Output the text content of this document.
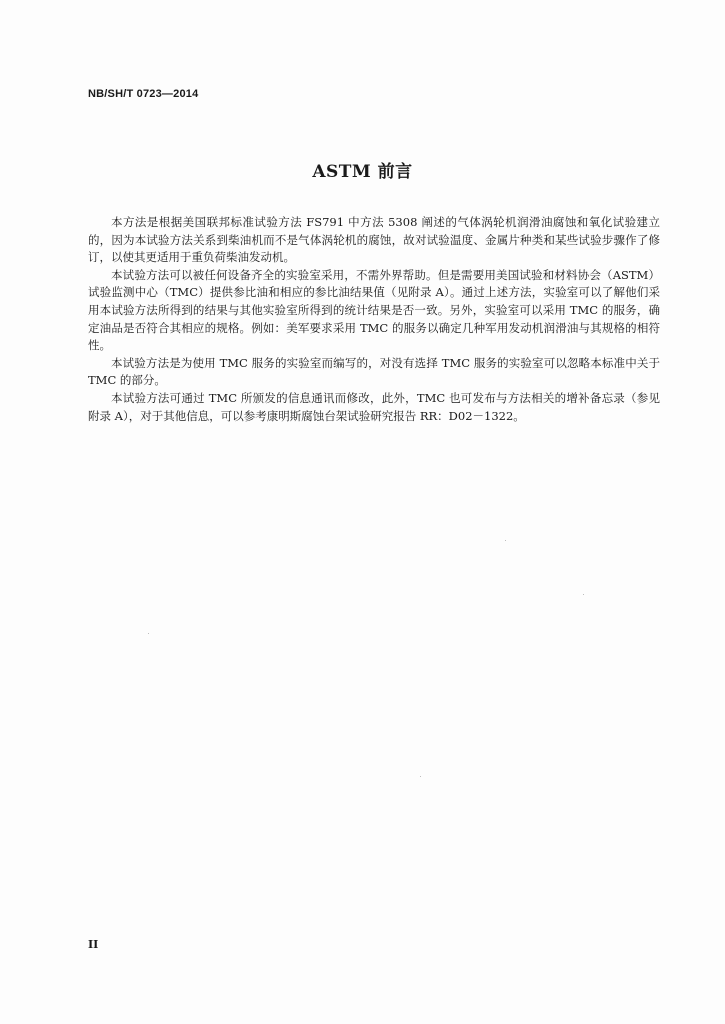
NB/SH/T 0723—2014
ASTM 前言

本方法是根据美国联邦标准试验方法 FS791 中方法 5308 阐述的气体涡轮机润滑油腐蚀和氧化试验建立的，因为本试验方法关系到柴油机而不是气体涡轮机的腐蚀，故对试验温度、金属片种类和某些试验步骤作了修订，以使其更适用于重负荷柴油发动机。

本试验方法可以被任何设备齐全的实验室采用，不需外界帮助。但是需要用美国试验和材料协会（ASTM）试验监测中心（TMC）提供参比油和相应的参比油结果值（见附录 A）。通过上述方法，实验室可以了解他们采用本试验方法所得到的结果与其他实验室所得到的统计结果是否一致。另外，实验室可以采用 TMC 的服务，确定油品是否符合其相应的规格。例如：美军要求采用 TMC 的服务以确定几种军用发动机润滑油与其规格的相符性。

本试验方法是为使用 TMC 服务的实验室而编写的，对没有选择 TMC 服务的实验室可以忽略本标准中关于 TMC 的部分。

本试验方法可通过 TMC 所颁发的信息通讯而修改，此外，TMC 也可发布与方法相关的增补备忘录（参见附录 A），对于其他信息，可以参考康明斯腐蚀台架试验研究报告 RR：D02－1322。

II
